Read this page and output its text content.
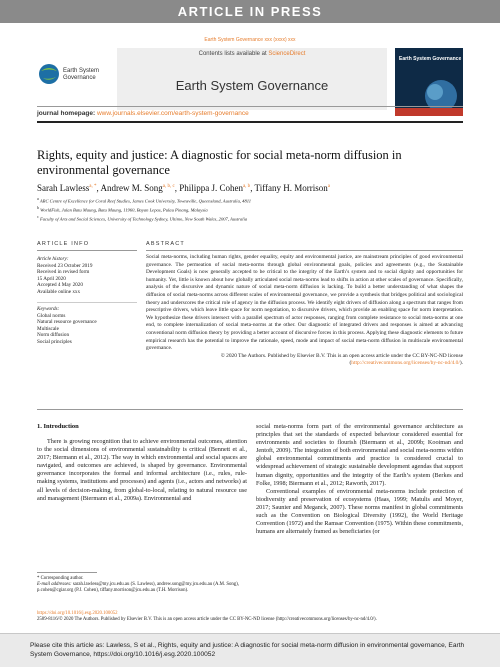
ARTICLE IN PRESS
Earth System Governance xxx (xxxx) xxx
Earth System
Governance
Contents lists available at ScienceDirect
Earth System Governance
Earth System Governance
journal homepage: www.journals.elsevier.com/earth-system-governance
Rights, equity and justice: A diagnostic for social meta-norm diffusion in environmental governance
Sarah Lawless$^{a, *}$, Andrew M. Song$^{a, b, c}$, Philippa J. Cohen$^{a, b}$, Tiffany H. Morrison$^a$
$^a$ ARC Centre of Excellence for Coral Reef Studies, James Cook University, Townsville, Queensland, Australia, 4811
$^b$ WorldFish, Jalan Batu Maung, Batu Maung, 11960, Bayan Lepas, Pulau Pinang, Malaysia
$^c$ Faculty of Arts and Social Sciences, University of Technology Sydney, Ultimo, New South Wales, 2007, Australia
ARTICLE INFO	ABSTRACT
Article history:
Received 23 October 2019
Received in revised form
15 April 2020
Accepted 4 May 2020
Available online xxx
Keywords:
Global norms
Natural resource governance
Multiscale
Norm diffusion
Social principles

Social meta-norms, including human rights, gender equality, equity and environmental justice, are mainstream principles of good environmental governance. The permeation of social meta-norms through global environmental goals, policies and agreements (e.g., the Sustainable Development Goals) is now generally accepted to be critical to the integrity of the Earth’s system and to social dignity and opportunities for humanity. Yet, little is known about how globally articulated social meta-norms lead to shifts in action at other scales of governance. Specifically, analysis of the discursive and dynamic nature of social meta-norm diffusion is lacking. To build a better understanding of what shapes the diffusion of social meta-norms across different scales of environmental governance, we provide a synthesis that bridges political and sociological theory and underscores the critical role of agency in the diffusion process. We identify eight drivers of diffusion along a spectrum that ranges from prescriptive drivers, which leave little space for norm negotiation, to discursive drivers, which provide an enabling space for norm interpretation. We hypothesize these drivers intersect with a parallel spectrum of actor responses, ranging from complete resistance to social meta-norms at one end, to complete internalization of social meta-norms at the other. Our diagnostic of integrated drivers and responses is aimed at advancing conventional norm diffusion theory by providing a better account of discursive forces in this process. Applying these diagnostic elements to future empirical research has the potential to improve the rationale, speed, mode and impact of social meta-norm diffusion in multiscale environmental governance.

© 2020 The Authors. Published by Elsevier B.V. This is an open access article under the CC BY-NC-ND license (http://creativecommons.org/licenses/by-nc-nd/4.0/).

1. Introduction

There is growing recognition that to achieve environmental outcomes, attention to the social dimensions of environmental sustainability is critical (Bennett et al., 2017; Biermann et al., 2012). The way in which environmental and social spaces are navigated, and outcomes are achieved, is shaped by governance. Environmental governance incorporates the formal and informal architecture (i.e., rules, rule-making systems, institutions and processes) and agents (i.e., actors and networks) at all levels of decision-making, from global-to-local, relating to natural resource use and management (Biermann et al., 2009a). Environmental and

social meta-norms form part of the environmental governance architecture as principles that set the standards of expected behaviour considered essential for environments and societies to flourish (Biermann et al., 2009b; Kooiman and Jentoft, 2009). The integration of both environmental and social meta-norms within global environmental commitments and practice is considered crucial to widespread achievement of strategic sustainable development agendas that support human dignity, opportunities and the integrity of the Earth’s system (Berkes and Folke, 1998; Biermann et al., 2012; Raworth, 2017).

Conventional examples of environmental meta-norms include protection of biodiversity and preservation of ecosystems (Haas, 1999; Matulis and Moyer, 2017; Saunier and Meganck, 2007). These norms manifest in global commitments such as the Convention on Biological Diversity (1992), the World Heritage Convention (1972) and the Ramsar Convention (1975). Within these commitments, humans are alternately framed as beneficiaries (or

* Corresponding author.
E-mail addresses: sarah.lawless@my.jcu.edu.au (S. Lawless), andrew.song@my.jcu.edu.au (A.M. Song), p.cohen@cgiar.org (P.J. Cohen), tiffany.morrison@jcu.edu.au (T.H. Morrison).
https://doi.org/10.1016/j.esg.2020.100052
2589-8116/© 2020 The Authors. Published by Elsevier B.V. This is an open access article under the CC BY-NC-ND license (http://creativecommons.org/licenses/by-nc-nd/4.0/).
Please cite this article as: Lawless, S et al., Rights, equity and justice: A diagnostic for social meta-norm diffusion in environmental governance, Earth System Governance, https://doi.org/10.1016/j.esg.2020.100052
